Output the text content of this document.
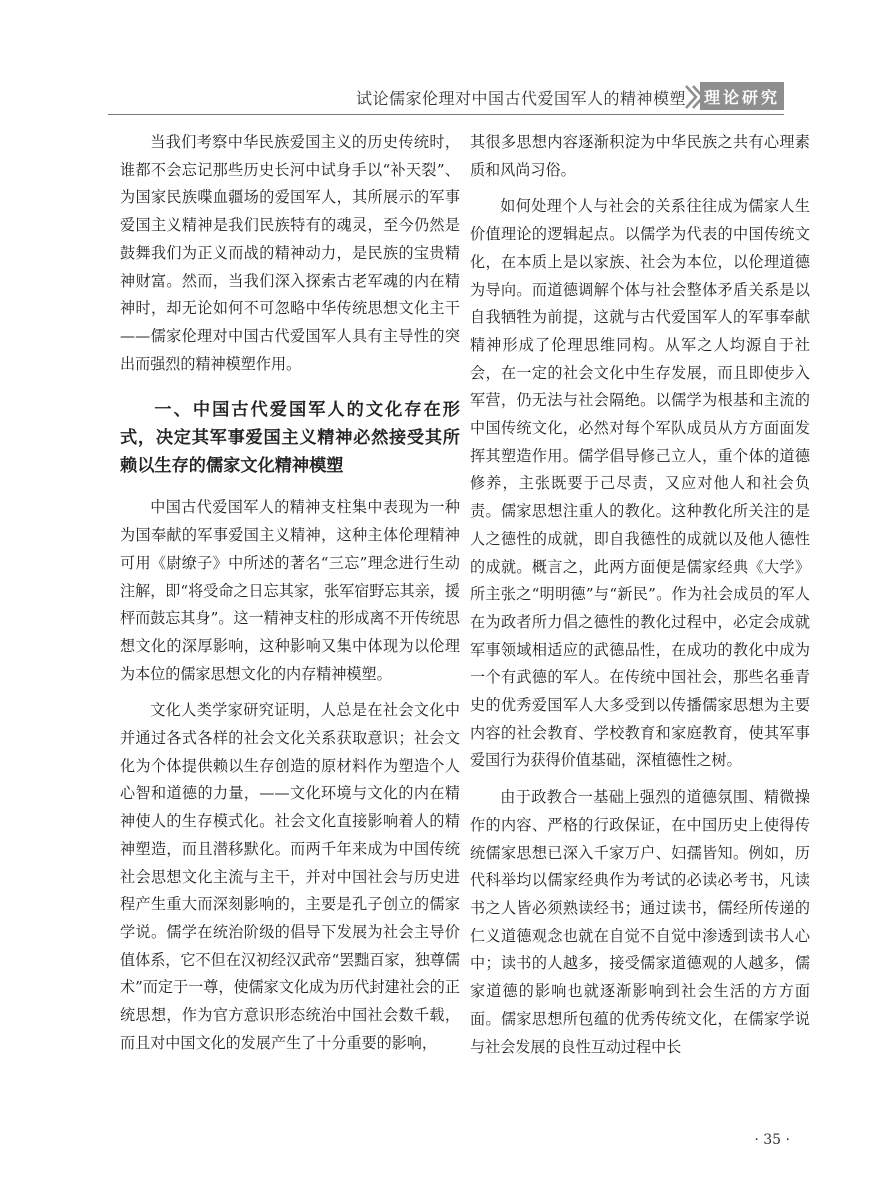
试论儒家伦理对中国古代爱国军人的精神模塑 理论研究

当我们考察中华民族爱国主义的历史传统时，谁都不会忘记那些历史长河中试身手以“补天裂”、为国家民族喋血疆场的爱国军人，其所展示的军事爱国主义精神是我们民族特有的魂灵，至今仍然是鼓舞我们为正义而战的精神动力，是民族的宝贵精神财富。然而，当我们深入探索古老军魂的内在精神时，却无论如何不可忽略中华传统思想文化主干——儒家伦理对中国古代爱国军人具有主导性的突出而强烈的精神模塑作用。

一、中国古代爱国军人的文化存在形式，决定其军事爱国主义精神必然接受其所赖以生存的儒家文化精神模塑

中国古代爱国军人的精神支柱集中表现为一种为国奉献的军事爱国主义精神，这种主体伦理精神可用《尉缭子》中所述的著名“三忘”理念进行生动注解，即“将受命之日忘其家，张军宿野忘其亲，援枰而鼓忘其身”。这一精神支柱的形成离不开传统思想文化的深厚影响，这种影响又集中体现为以伦理为本位的儒家思想文化的内存精神模塑。

文化人类学家研究证明，人总是在社会文化中并通过各式各样的社会文化关系获取意识；社会文化为个体提供赖以生存创造的原材料作为塑造个人心智和道德的力量，——文化环境与文化的内在精神使人的生存模式化。社会文化直接影响着人的精神塑造，而且潜移默化。而两千年来成为中国传统社会思想文化主流与主干，并对中国社会与历史进程产生重大而深刻影响的，主要是孔子创立的儒家学说。儒学在统治阶级的倡导下发展为社会主导价值体系，它不但在汉初经汉武帝“罢黜百家，独尊儒术”而定于一尊，使儒家文化成为历代封建社会的正统思想，作为官方意识形态统治中国社会数千载，而且对中国文化的发展产生了十分重要的影响，

其很多思想内容逐渐积淀为中华民族之共有心理素质和风尚习俗。

如何处理个人与社会的关系往往成为儒家人生价值理论的逻辑起点。以儒学为代表的中国传统文化，在本质上是以家族、社会为本位，以伦理道德为导向。而道德调解个体与社会整体矛盾关系是以自我牺牲为前提，这就与古代爱国军人的军事奉献精神形成了伦理思维同构。从军之人均源自于社会，在一定的社会文化中生存发展，而且即使步入军营，仍无法与社会隔绝。以儒学为根基和主流的中国传统文化，必然对每个军队成员从方方面面发挥其塑造作用。儒学倡导修己立人，重个体的道德修养，主张既要于己尽责，又应对他人和社会负责。儒家思想注重人的教化。这种教化所关注的是人之德性的成就，即自我德性的成就以及他人德性的成就。概言之，此两方面便是儒家经典《大学》所主张之“明明德”与“新民”。作为社会成员的军人在为政者所力倡之德性的教化过程中，必定会成就军事领域相适应的武德品性，在成功的教化中成为一个有武德的军人。在传统中国社会，那些名垂青史的优秀爱国军人大多受到以传播儒家思想为主要内容的社会教育、学校教育和家庭教育，使其军事爱国行为获得价值基础，深植德性之树。

由于政教合一基础上强烈的道德氛围、精微操作的内容、严格的行政保证，在中国历史上使得传统儒家思想已深入千家万户、妇孺皆知。例如，历代科举均以儒家经典作为考试的必读必考书，凡读书之人皆必须熟读经书；通过读书，儒经所传递的仁义道德观念也就在自觉不自觉中渗透到读书人心中；读书的人越多，接受儒家道德观的人越多，儒家道德的影响也就逐渐影响到社会生活的方方面面。儒家思想所包蕴的优秀传统文化，在儒家学说与社会发展的良性互动过程中长

· 35 ·
